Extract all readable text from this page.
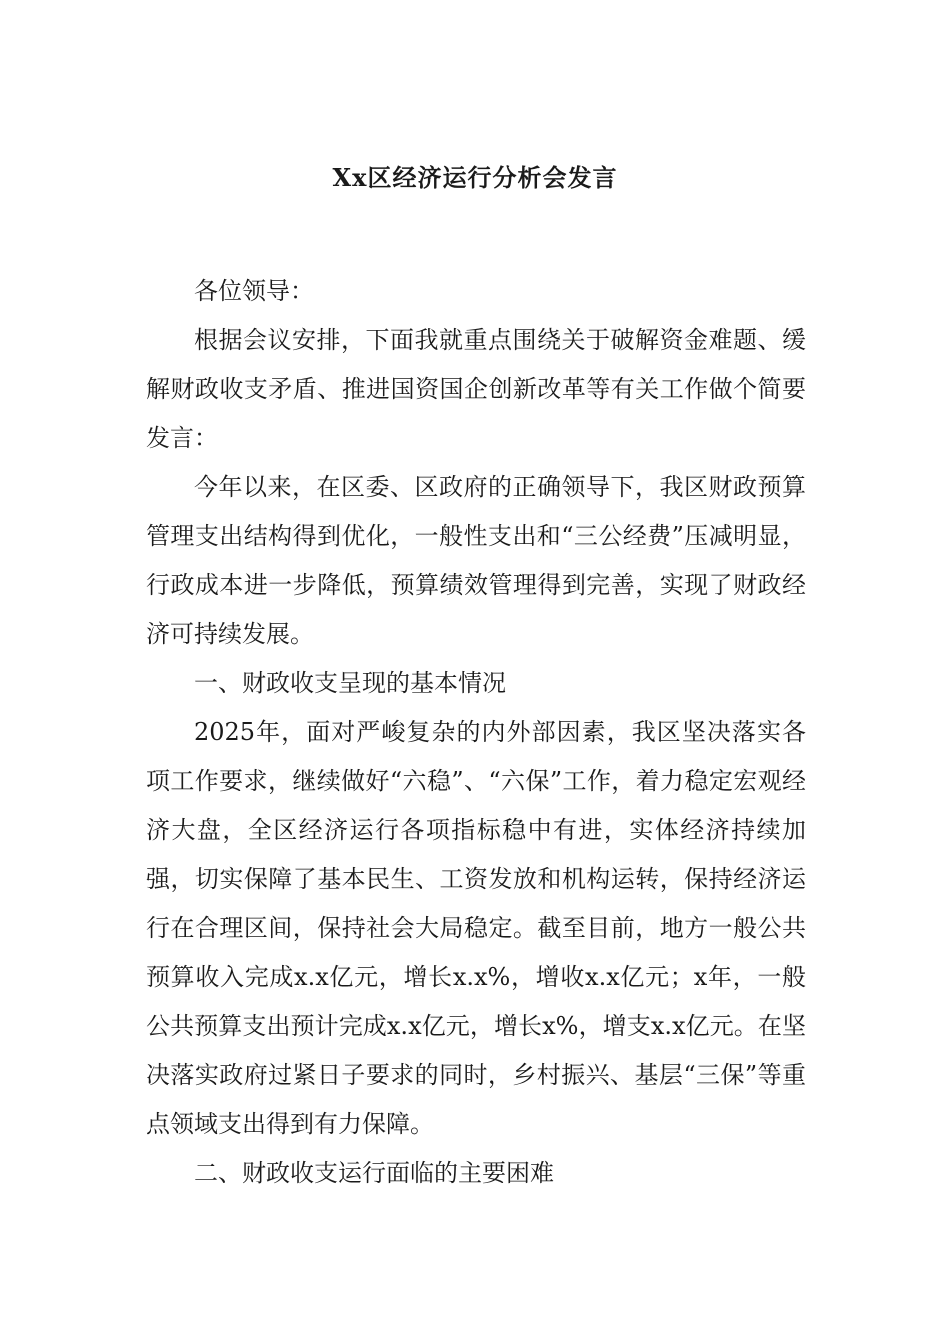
Xx区经济运行分析会发言

各位领导：

根据会议安排，下面我就重点围绕关于破解资金难题、缓解财政收支矛盾、推进国资国企创新改革等有关工作做个简要发言：

今年以来，在区委、区政府的正确领导下，我区财政预算管理支出结构得到优化，一般性支出和“三公经费”压减明显，行政成本进一步降低，预算绩效管理得到完善，实现了财政经济可持续发展。

一、财政收支呈现的基本情况

2025年，面对严峻复杂的内外部因素，我区坚决落实各项工作要求，继续做好“六稳”、“六保”工作，着力稳定宏观经济大盘，全区经济运行各项指标稳中有进，实体经济持续加强，切实保障了基本民生、工资发放和机构运转，保持经济运行在合理区间，保持社会大局稳定。截至目前，地方一般公共预算收入完成x.x亿元，增长x.x%，增收x.x亿元；x年，一般公共预算支出预计完成x.x亿元，增长x%，增支x.x亿元。在坚决落实政府过紧日子要求的同时，乡村振兴、基层“三保”等重点领域支出得到有力保障。

二、财政收支运行面临的主要困难
